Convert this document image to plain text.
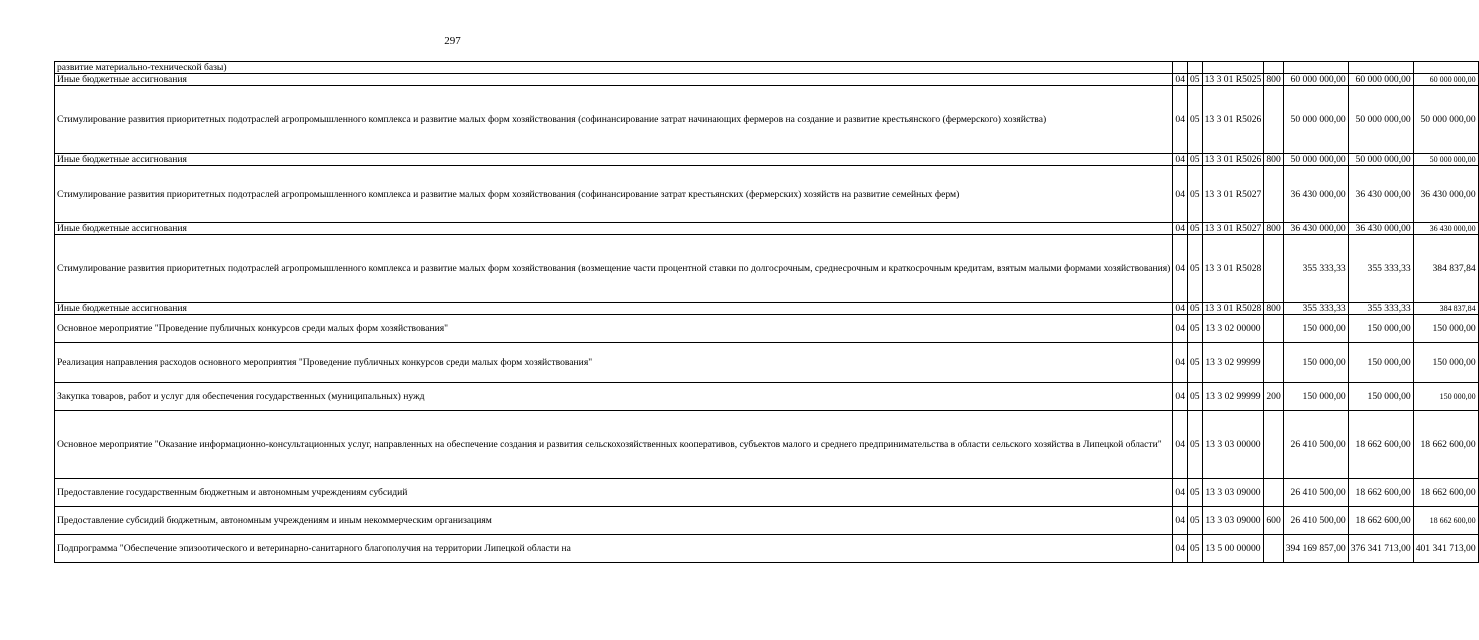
297
развитие материально-технической базы)							
Иные бюджетные ассигнования	04	05	13 3 01 R5025	800	60 000 000,00	60 000 000,00	60 000 000,00
Стимулирование развития приоритетных подотраслей агропромышленного комплекса и развитие малых форм хозяйствования (софинансирование затрат начинающих фермеров на создание и развитие крестьянского (фермерского) хозяйства)	04	05	13 3 01 R5026		50 000 000,00	50 000 000,00	50 000 000,00
Иные бюджетные ассигнования	04	05	13 3 01 R5026	800	50 000 000,00	50 000 000,00	50 000 000,00
Стимулирование развития приоритетных подотраслей агропромышленного комплекса и развитие малых форм хозяйствования (софинансирование затрат крестьянских (фермерских) хозяйств на развитие семейных ферм)	04	05	13 3 01 R5027		36 430 000,00	36 430 000,00	36 430 000,00
Иные бюджетные ассигнования	04	05	13 3 01 R5027	800	36 430 000,00	36 430 000,00	36 430 000,00
Стимулирование развития приоритетных подотраслей агропромышленного комплекса и развитие малых форм хозяйствования (возмещение части процентной ставки по долгосрочным, среднесрочным и краткосрочным кредитам, взятым малыми формами хозяйствования)	04	05	13 3 01 R5028		355 333,33	355 333,33	384 837,84
Иные бюджетные ассигнования	04	05	13 3 01 R5028	800	355 333,33	355 333,33	384 837,84
Основное мероприятие "Проведение публичных конкурсов среди малых форм хозяйствования"	04	05	13 3 02 00000		150 000,00	150 000,00	150 000,00
Реализация направления расходов основного мероприятия "Проведение публичных конкурсов среди малых форм хозяйствования"	04	05	13 3 02 99999		150 000,00	150 000,00	150 000,00
Закупка товаров, работ и услуг для обеспечения государственных (муниципальных) нужд	04	05	13 3 02 99999	200	150 000,00	150 000,00	150 000,00
Основное мероприятие "Оказание информационно-консультационных услуг, направленных на обеспечение создания и развития сельскохозяйственных кооперативов, субъектов малого и среднего предпринимательства в области сельского хозяйства в Липецкой области"	04	05	13 3 03 00000		26 410 500,00	18 662 600,00	18 662 600,00
Предоставление государственным бюджетным и автономным учреждениям субсидий	04	05	13 3 03 09000		26 410 500,00	18 662 600,00	18 662 600,00
Предоставление субсидий бюджетным, автономным учреждениям и иным некоммерческим организациям	04	05	13 3 03 09000	600	26 410 500,00	18 662 600,00	18 662 600,00
Подпрограмма "Обеспечение эпизоотического и ветеринарно-санитарного благополучия на территории Липецкой области на	04	05	13 5 00 00000		394 169 857,00	376 341 713,00	401 341 713,00
